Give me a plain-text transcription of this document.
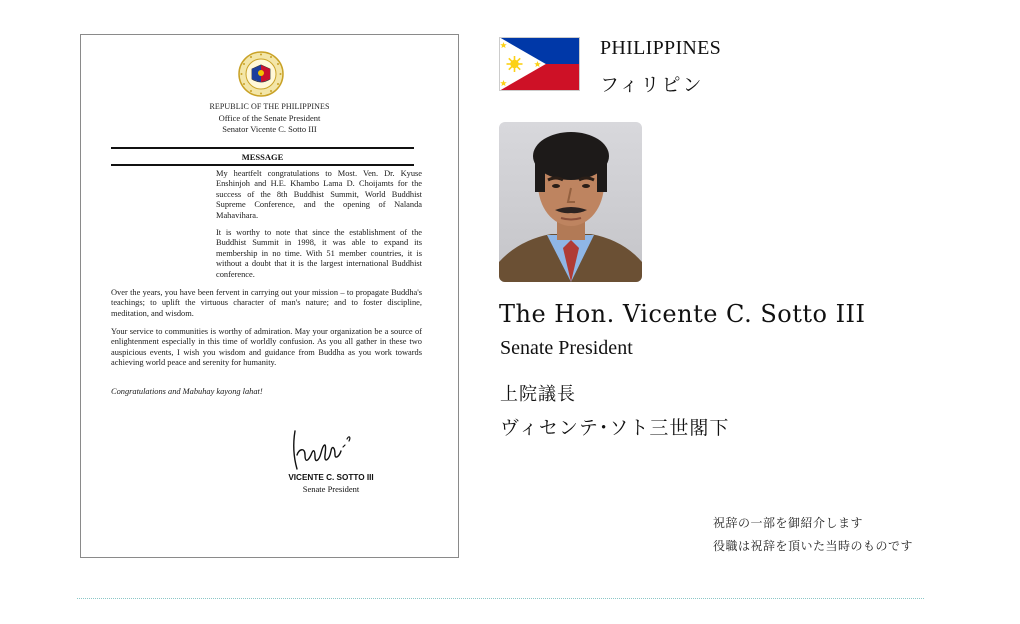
REPUBLIC OF THE PHILIPPINES
Office of the Senate President
Senator Vicente C. Sotto III
MESSAGE

My heartfelt congratulations to Most. Ven. Dr. Kyuse Enshinjoh and H.E. Khambo Lama D. Choijamts for the success of the 8th Buddhist Summit, World Buddhist Supreme Conference, and the opening of Nalanda Mahavihara.

It is worthy to note that since the establishment of the Buddhist Summit in 1998, it was able to expand its membership in no time. With 51 member countries, it is without a doubt that it is the largest international Buddhist conference.

Over the years, you have been fervent in carrying out your mission – to propagate Buddha's teachings; to uplift the virtuous character of man's nature; and to foster discipline, meditation, and wisdom.

Your service to communities is worthy of admiration. May your organization be a source of enlightenment especially in this time of worldly confusion. As you all gather in these two auspicious events, I wish you wisdom and guidance from Buddha as you work towards achieving world peace and serenity for humanity.

Congratulations and Mabuhay kayong lahat!

VICENTE C. SOTTO III
Senate President
PHILIPPINES
フィリピン
The Hon. Vicente C. Sotto III
Senate President
上院議長
ヴィセンテ･ソト三世閣下
祝辞の一部を御紹介します
役職は祝辞を頂いた当時のものです
